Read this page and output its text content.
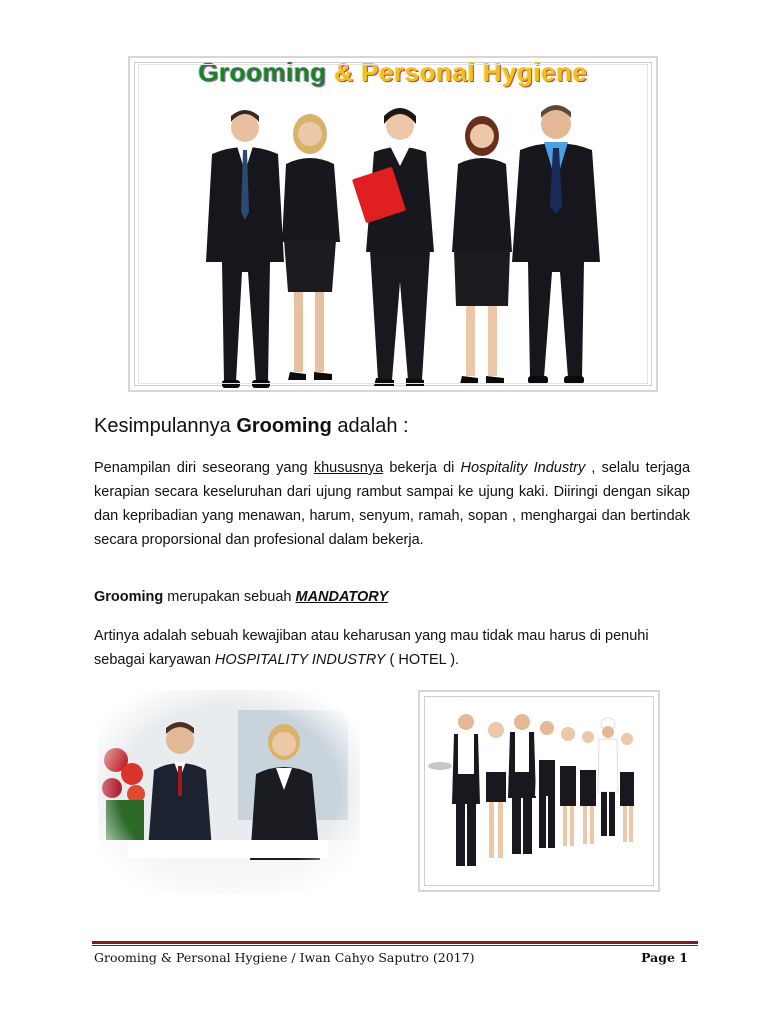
Grooming & Personal Hygiene
Kesimpulannya Grooming adalah :

Penampilan diri seseorang yang khususnya bekerja di Hospitality Industry , selalu terjaga kerapian secara keseluruhan dari ujung rambut sampai ke ujung kaki. Diiringi dengan sikap dan kepribadian yang menawan, harum, senyum, ramah, sopan , menghargai dan bertindak secara proporsional dan profesional dalam bekerja.

Grooming merupakan sebuah MANDATORY

Artinya adalah sebuah kewajiban atau keharusan yang mau tidak mau harus di penuhi sebagai karyawan HOSPITALITY INDUSTRY ( HOTEL ).

Grooming & Personal Hygiene / Iwan Cahyo Saputro (2017)	Page 1
